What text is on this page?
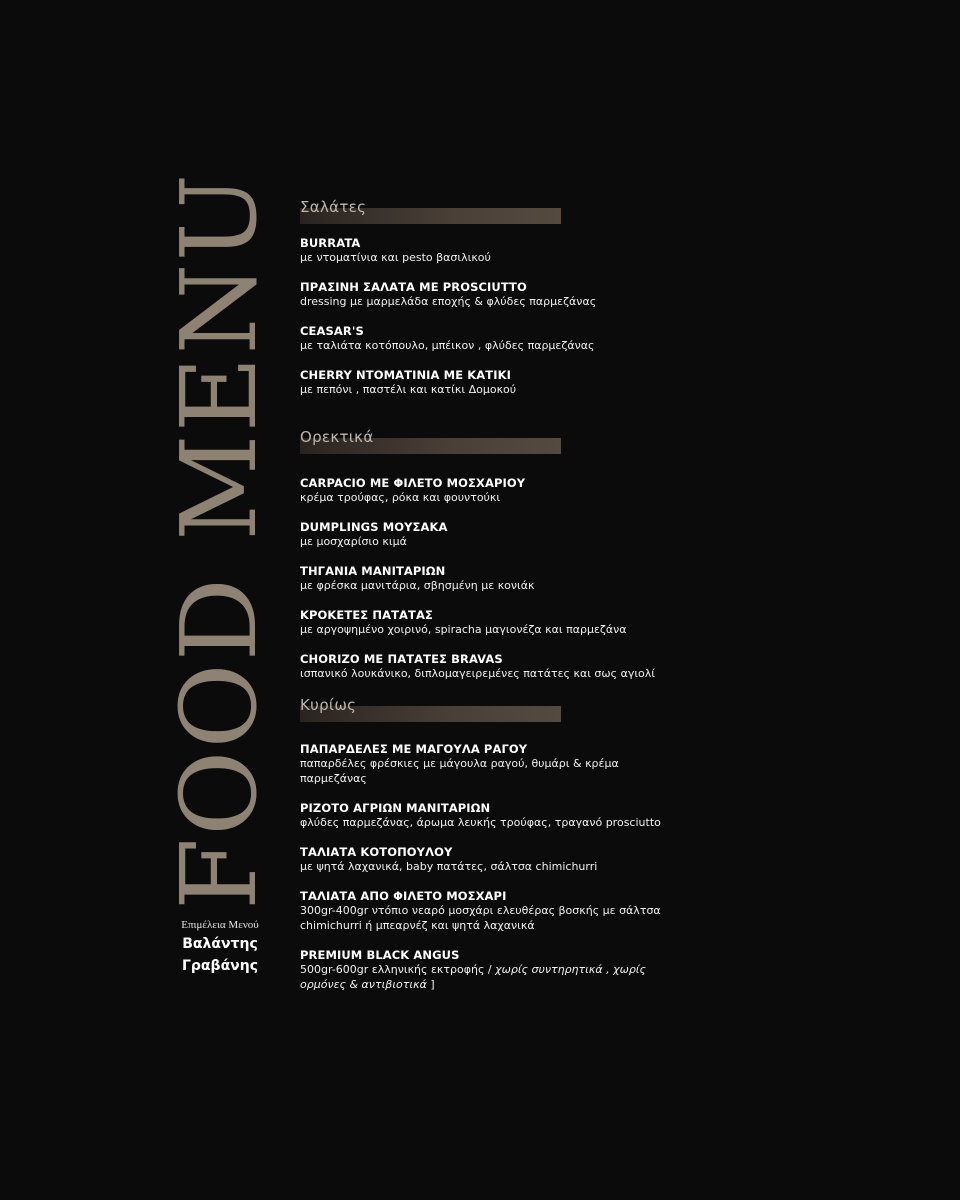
FOOD MENU
Επιμέλεια Μενού
Βαλάντης
Γραβάνης
Σαλάτες
BURRATA
με ντοματίνια και pesto βασιλικού
ΠΡΑΣΙΝΗ ΣΑΛΑΤΑ ΜΕ PROSCIUTTO
dressing με μαρμελάδα εποχής & φλύδες παρμεζάνας
CEASAR'S
με ταλιάτα κοτόπουλο, μπέικον , φλύδες παρμεζάνας
CHERRY ΝΤΟΜΑΤΙΝΙΑ ΜΕ ΚΑΤΙΚΙ
με πεπόνι , παστέλι και κατίκι Δομοκού
Ορεκτικά
CARPACIO ΜΕ ΦΙΛΕΤΟ ΜΟΣΧΑΡΙΟΥ
κρέμα τρούφας, ρόκα και φουντούκι
DUMPLINGS ΜΟΥΣΑΚΑ
με μοσχαρίσιο κιμά
ΤΗΓΑΝΙΑ ΜΑΝΙΤΑΡΙΩΝ
με φρέσκα μανιτάρια, σβησμένη με κονιάκ
ΚΡΟΚΕΤΕΣ ΠΑΤΑΤΑΣ
με αργοψημένο χοιρινό, spiracha μαγιονέζα και παρμεζάνα
CHORIZO ΜΕ ΠΑΤΑΤΕΣ BRAVAS
ισπανικό λουκάνικο, διπλομαγειρεμένες πατάτες και σως αγιολί
Κυρίως
ΠΑΠΑΡΔΕΛΕΣ ΜΕ ΜΑΓΟΥΛΑ ΡΑΓΟΥ
παπαρδέλες φρέσκιες με μάγουλα ραγού, θυμάρι & κρέμα παρμεζάνας
ΡΙΖΟΤΟ ΑΓΡΙΩΝ ΜΑΝΙΤΑΡΙΩΝ
φλύδες παρμεζάνας, άρωμα λευκής τρούφας, τραγανό prosciutto
ΤΑΛΙΑΤΑ ΚΟΤΟΠΟΥΛΟΥ
με ψητά λαχανικά, baby πατάτες, σάλτσα chimichurri
ΤΑΛΙΑΤΑ ΑΠΟ ΦΙΛΕΤΟ ΜΟΣΧΑΡΙ
300gr-400gr ντόπιο νεαρό μοσχάρι ελευθέρας βοσκής με σάλτσα chimichurri ή μπεαρνέζ και ψητά λαχανικά
PREMIUM BLACK ANGUS
500gr-600gr ελληνικής εκτροφής / χωρίς συντηρητικά , χωρίς ορμόνες & αντιβιοτικά ]
